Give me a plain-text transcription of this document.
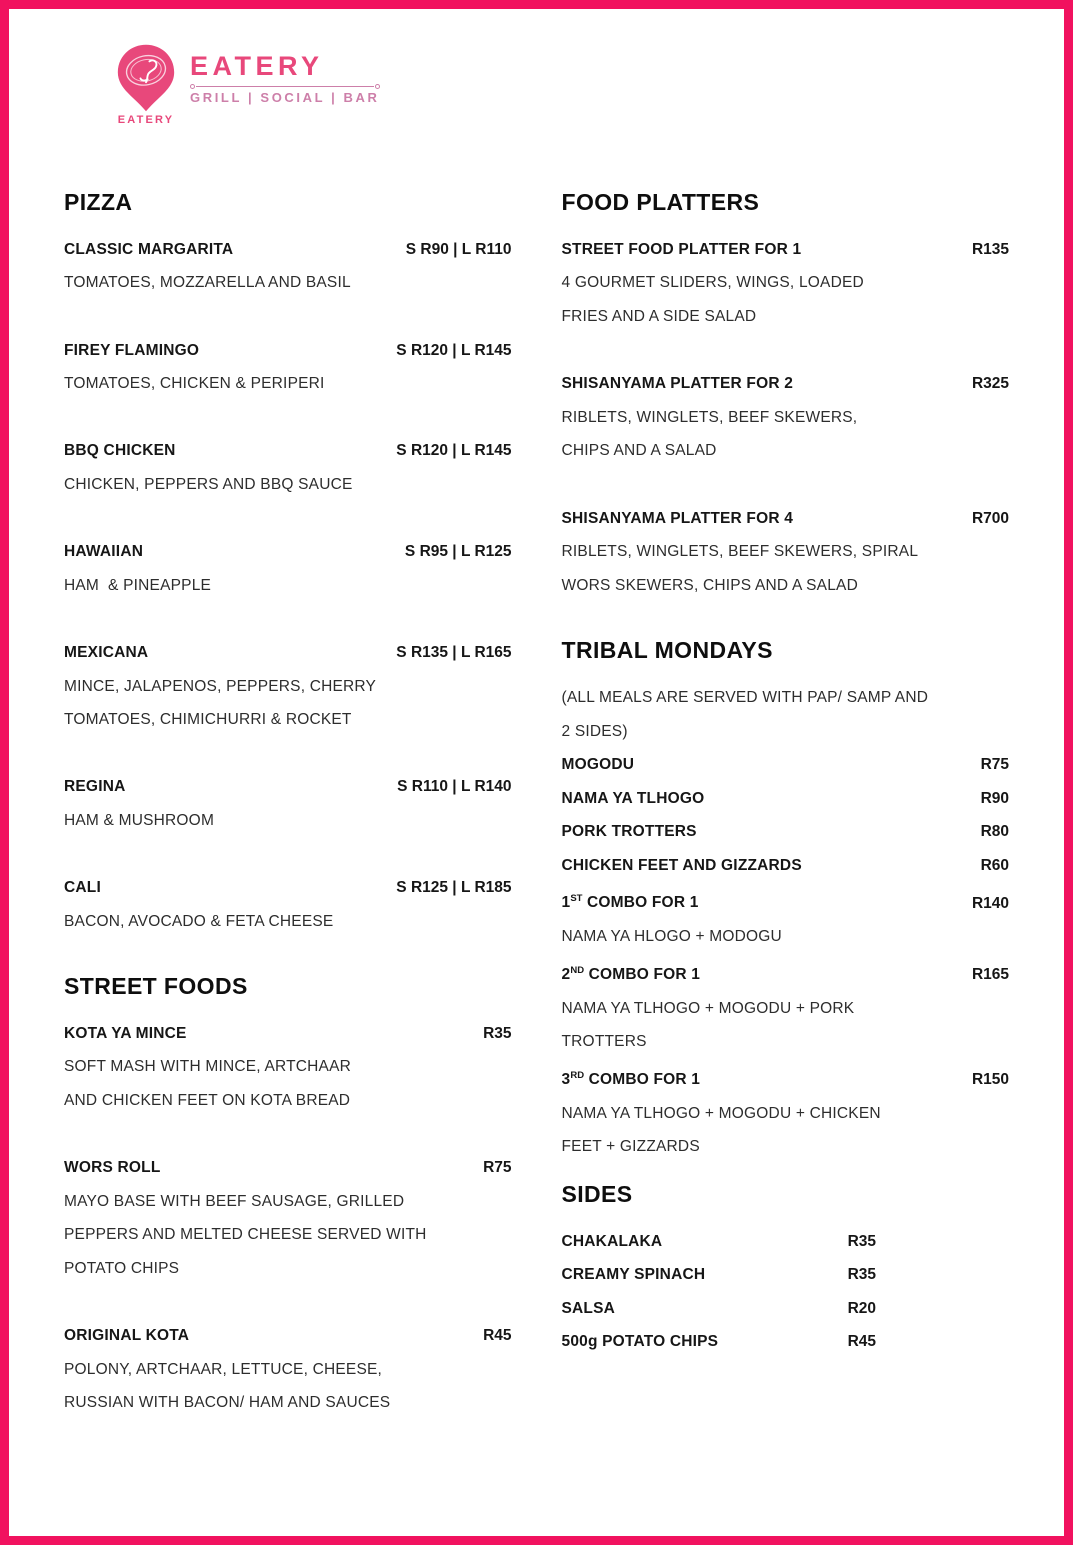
EATERY
EATERY
GRILL | SOCIAL | BAR
PIZZA
CLASSIC MARGARITA	S R90 | L R110
TOMATOES, MOZZARELLA AND BASIL
FIREY FLAMINGO	S R120 | L R145
TOMATOES, CHICKEN & PERIPERI
BBQ CHICKEN	S R120 | L R145
CHICKEN, PEPPERS AND BBQ SAUCE
HAWAIIAN	S R95 | L R125
HAM  & PINEAPPLE
MEXICANA	S R135 | L R165
MINCE, JALAPENOS, PEPPERS, CHERRY
TOMATOES, CHIMICHURRI & ROCKET
REGINA	S R110 | L R140
HAM & MUSHROOM
CALI	S R125 | L R185
BACON, AVOCADO & FETA CHEESE
STREET FOODS
KOTA YA MINCE	R35
SOFT MASH WITH MINCE, ARTCHAAR
AND CHICKEN FEET ON KOTA BREAD
WORS ROLL	R75
MAYO BASE WITH BEEF SAUSAGE, GRILLED
PEPPERS AND MELTED CHEESE SERVED WITH
POTATO CHIPS
ORIGINAL KOTA	R45
POLONY, ARTCHAAR, LETTUCE, CHEESE,
RUSSIAN WITH BACON/ HAM AND SAUCES
FOOD PLATTERS
STREET FOOD PLATTER FOR 1	R135
4 GOURMET SLIDERS, WINGS, LOADED
FRIES AND A SIDE SALAD
SHISANYAMA PLATTER FOR 2	R325
RIBLETS, WINGLETS, BEEF SKEWERS,
CHIPS AND A SALAD
SHISANYAMA PLATTER FOR 4	R700
RIBLETS, WINGLETS, BEEF SKEWERS, SPIRAL
WORS SKEWERS, CHIPS AND A SALAD
TRIBAL MONDAYS
(ALL MEALS ARE SERVED WITH PAP/ SAMP AND
2 SIDES)
MOGODU	R75
NAMA YA TLHOGO	R90
PORK TROTTERS	R80
CHICKEN FEET AND GIZZARDS	R60
1ST COMBO FOR 1	R140
NAMA YA HLOGO + MODOGU
2ND COMBO FOR 1	R165
NAMA YA TLHOGO + MOGODU + PORK
TROTTERS
3RD COMBO FOR 1	R150
NAMA YA TLHOGO + MOGODU + CHICKEN
FEET + GIZZARDS
SIDES
CHAKALAKA	R35
CREAMY SPINACH	R35
SALSA	R20
500g POTATO CHIPS	R45
